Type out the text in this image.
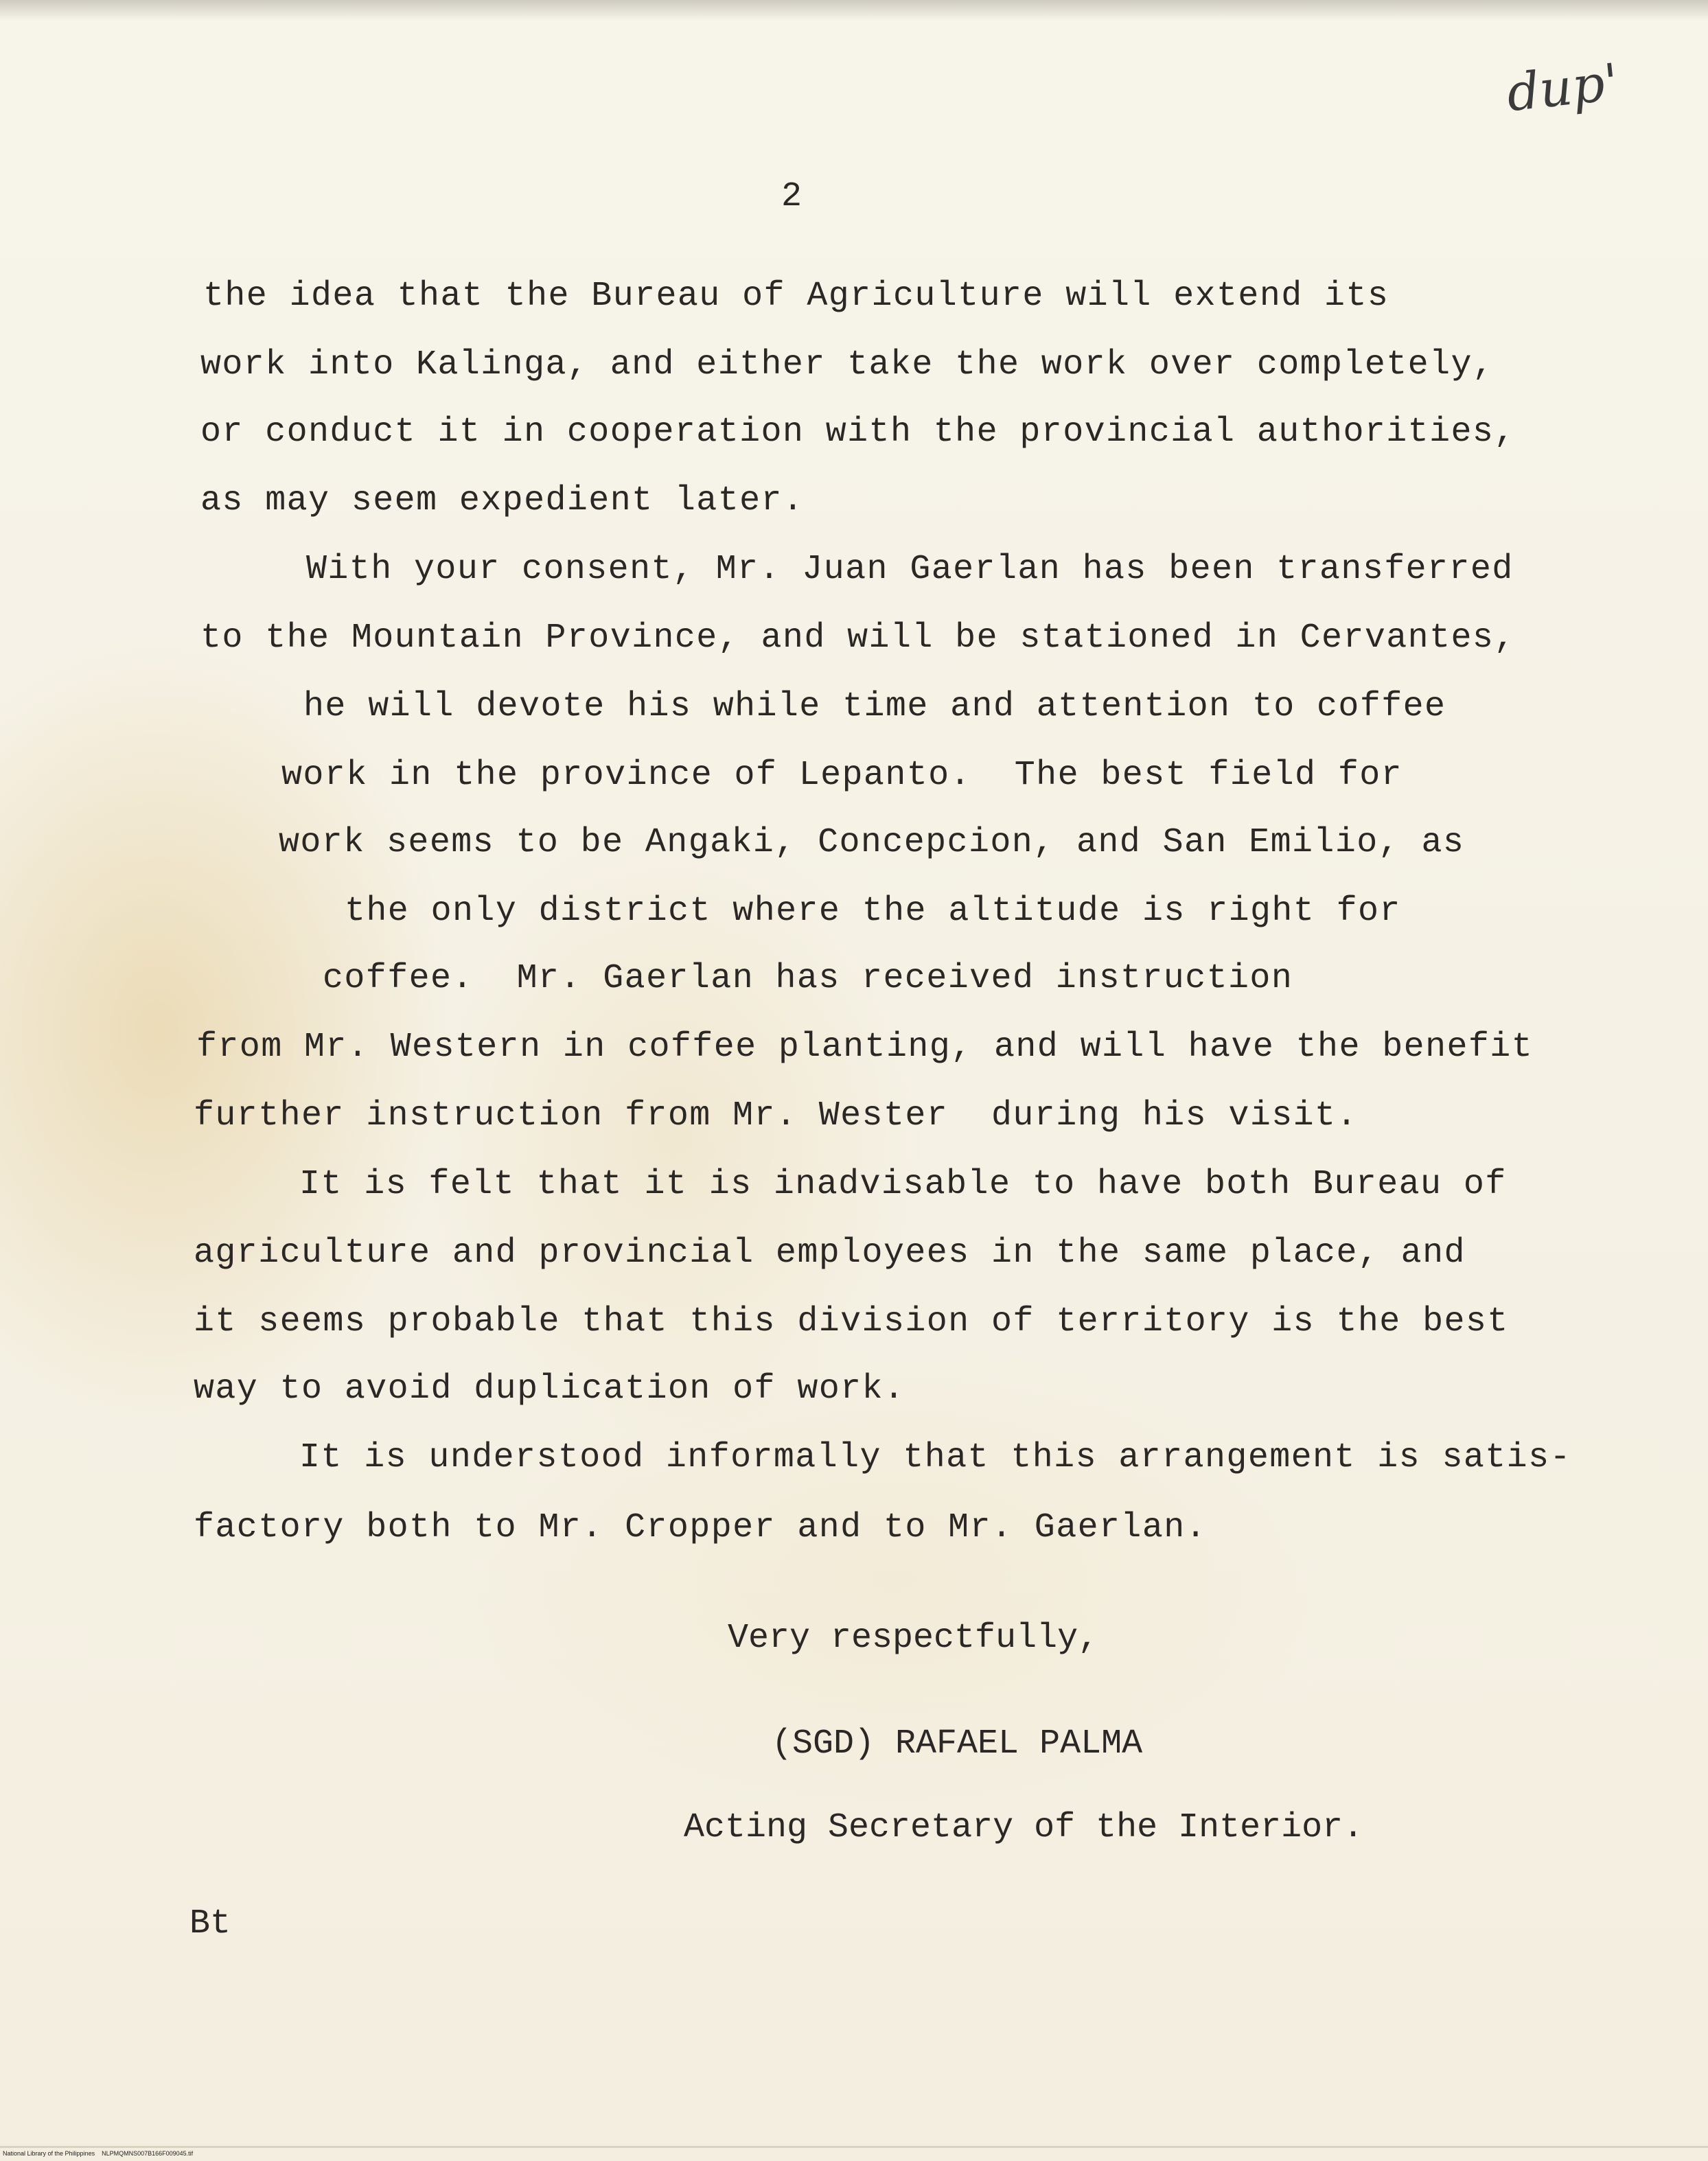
dup'
2
the idea that the Bureau of Agriculture will extend its
work into Kalinga, and either take the work over completely,
or conduct it in cooperation with the provincial authorities,
as may seem expedient later.
With your consent, Mr. Juan Gaerlan has been transferred
to the Mountain Province, and will be stationed in Cervantes,
he will devote his while time and attention to coffee
work in the province of Lepanto.  The best field for
work seems to be Angaki, Concepcion, and San Emilio, as
the only district where the altitude is right for
coffee.  Mr. Gaerlan has received instruction
from Mr. Western in coffee planting, and will have the benefit
further instruction from Mr. Wester  during his visit.
It is felt that it is inadvisable to have both Bureau of
agriculture and provincial employees in the same place, and
it seems probable that this division of territory is the best
way to avoid duplication of work.
It is understood informally that this arrangement is satis-
factory both to Mr. Cropper and to Mr. Gaerlan.
Very respectfully,
(SGD) RAFAEL PALMA
Acting Secretary of the Interior.
Bt
National Library of the Philippines    NLPMQMNS007B166F009045.tif
